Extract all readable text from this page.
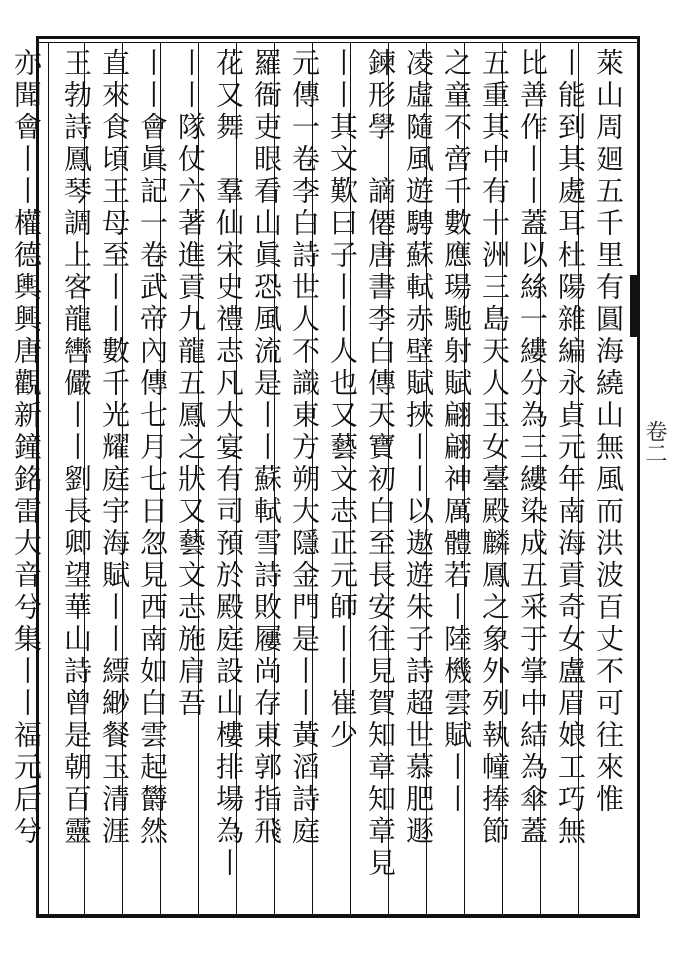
卷二
萊山周廻五千里有圓海繞山無風而洪波百丈不可往來惟
丨能到其處耳杜陽雜編永貞元年南海貢奇女盧眉娘工巧無
比善作丨丨蓋以絲一縷分為三縷染成五采于掌中結為傘蓋
五重其中有十洲三島天人玉女臺殿麟鳳之象外列執幢捧節
之童不啻千數應瑒馳射賦翩翩神厲體若丨陸機雲賦丨丨
凌虛隨風遊騁蘇軾赤壁賦挾丨丨以遨遊朱子詩超世慕肥遯
鍊形學　謫僊唐書李白傳天寶初白至長安往見賀知章知章見
丨丨其文歎曰子丨丨人也又藝文志正元師丨丨崔少
元傳一卷李白詩世人不識東方朔大隱金門是丨丨黃滔詩庭
羅衙吏眼看山眞恐風流是丨丨蘇軾雪詩敗屨尚存東郭指飛
花又舞　羣仙宋史禮志凡大宴有司預於殿庭設山樓排場為丨
丨丨隊仗六著進貢九龍五鳳之狀又藝文志施肩吾
丨丨會眞記一卷武帝內傳七月七日忽見西南如白雲起欝然
直來食頃王母至丨丨數千光耀庭宇海賦丨丨縹緲餐玉清涯
王勃詩鳳琴調上客龍轡儼丨丨劉長卿望華山詩曾是朝百靈
亦聞會丨丨權德輿興唐觀新鐘銘雷大音兮集丨丨福元后兮
